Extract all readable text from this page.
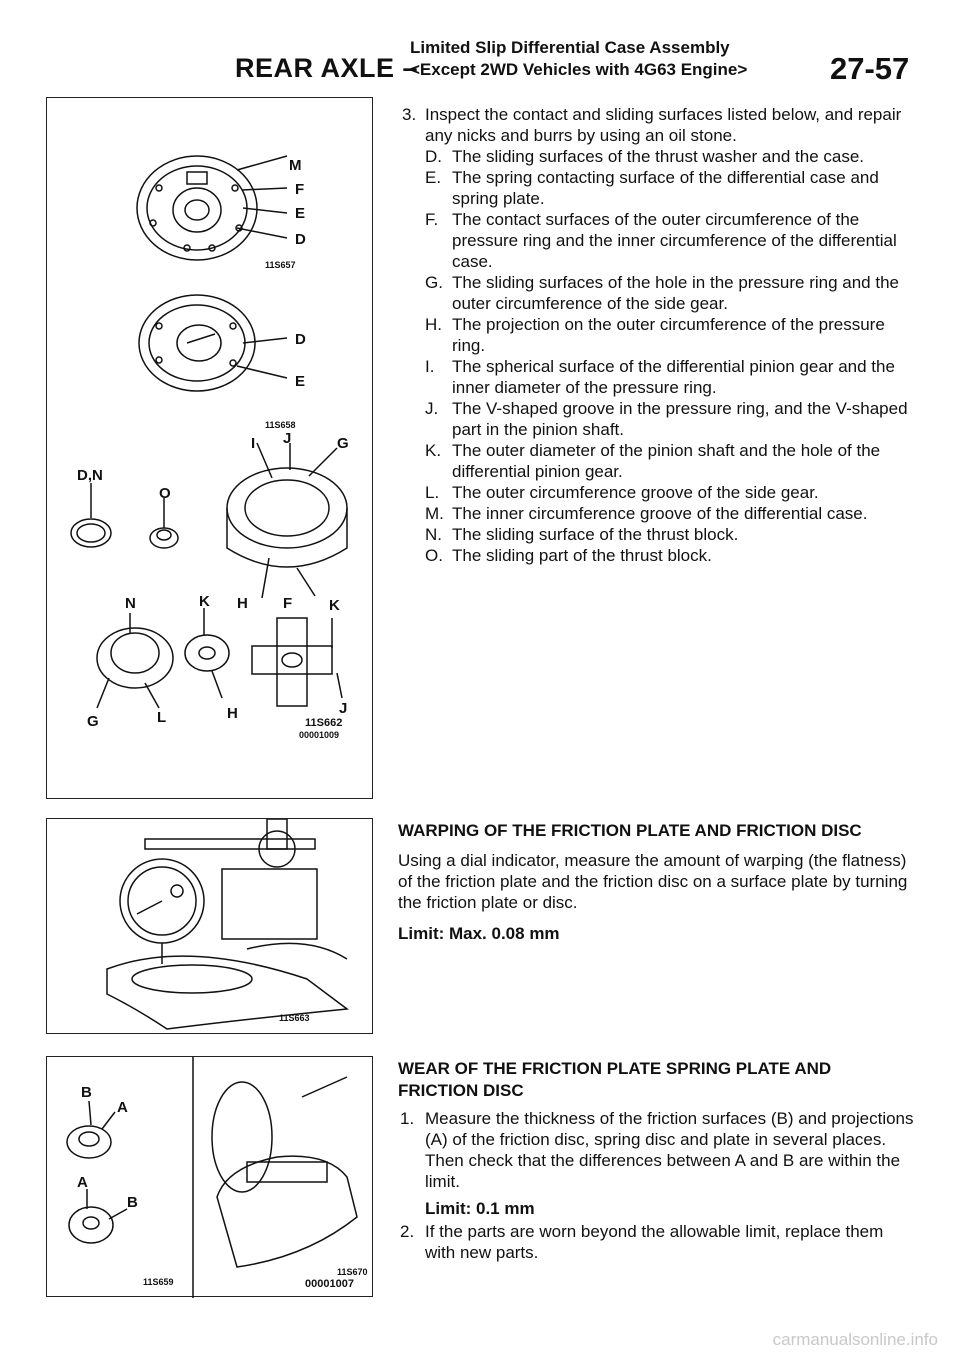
Limited Slip Differential Case Assembly
REAR AXLE –
<Except 2WD Vehicles with 4G63 Engine>	27-57
M
F
E
D
11S657
D
E
11S658
I J	G
D,N
O
N	K H F K
G	L	H	J
11S662
00001009
11S663
B
A
A
B
11S659
11S670
00001007
3. Inspect the contact and sliding surfaces listed below, and repair any nicks and burrs by using an oil stone.
D. The sliding surfaces of the thrust washer and the case.
E. The spring contacting surface of the differential case and spring plate.
F. The contact surfaces of the outer circumference of the pressure ring and the inner circumference of the differential case.
G. The sliding surfaces of the hole in the pressure ring and the outer circumference of the side gear.
H. The projection on the outer circumference of the pressure ring.
I. The spherical surface of the differential pinion gear and the inner diameter of the pressure ring.
J. The V-shaped groove in the pressure ring, and the V-shaped part in the pinion shaft.
K. The outer diameter of the pinion shaft and the hole of the differential pinion gear.
L. The outer circumference groove of the side gear.
M. The inner circumference groove of the differential case.
N. The sliding surface of the thrust block.
O. The sliding part of the thrust block.
WARPING OF THE FRICTION PLATE AND FRICTION DISC
Using a dial indicator, measure the amount of warping (the flatness) of the friction plate and the friction disc on a surface plate by turning the friction plate or disc.
Limit: Max. 0.08 mm
WEAR OF THE FRICTION PLATE SPRING PLATE AND FRICTION DISC
1. Measure the thickness of the friction surfaces (B) and projections (A) of the friction disc, spring disc and plate in several places. Then check that the differences between A and B are within the limit.
Limit: 0.1 mm
2. If the parts are worn beyond the allowable limit, replace them with new parts.
carmanualsonline.info
